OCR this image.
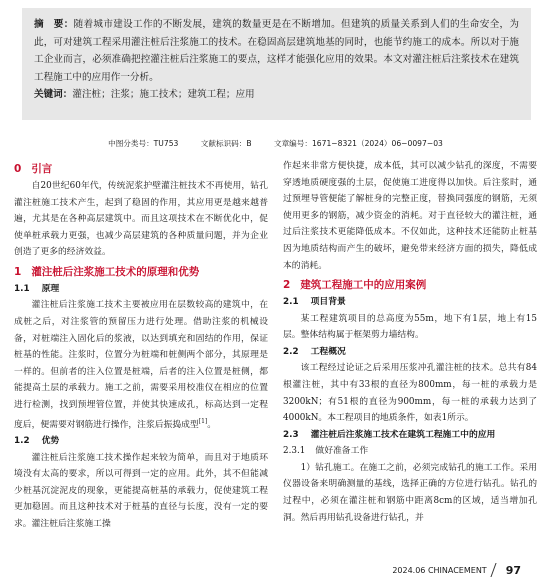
摘　要：随着城市建设工作的不断发展，建筑的数量更是在不断增加。但建筑的质量关系到人们的生命安全，为此，可对建筑工程采用灌注桩后注浆施工的技术。在稳固高层建筑地基的同时，也能节约施工的成本。所以对于施工企业而言，必须准确把控灌注桩后注浆施工的要点，这样才能强化应用的效果。本文对灌注桩后注浆技术在建筑工程施工中的应用作一分析。

关键词：灌注桩；注浆；施工技术；建筑工程；应用

中图分类号：TU753	文献标识码：B	文章编号：1671−8321（2024）06−0097−03
0 引言

自20世纪60年代，传统泥浆护壁灌注桩技术不再使用，钻孔灌注桩施工技术产生，起到了稳固的作用，其应用更是越来越普遍，尤其是在各种高层建筑中。而且这项技术在不断优化中，促使单桩承载力更强，也减少高层建筑的各种质量问题，并为企业创造了更多的经济效益。

1 灌注桩后注浆施工技术的原理和优势
1.1 原理

灌注桩后注浆施工技术主要被应用在层数较高的建筑中，在成桩之后，对注浆管的预留压力进行处理。借助注浆的机械设备，对桩端注入固化后的浆液，以达到填充和固结的作用，保证桩基的性能。注浆时，位置分为桩端和桩侧两个部分，其原理是一样的。但前者的注入位置是桩端，后者的注入位置是桩侧，都能提高土层的承载力。施工之前，需要采用校准仪在相应的位置进行检测，找到预埋管位置，并使其快速成孔，标高达到一定程度后，便需要对钢筋进行操作，注浆后振捣成型[1]。

1.2 优势

灌注桩后注浆施工技术操作起来较为简单，而且对于地质环境没有太高的要求，所以可得到一定的应用。此外，其不但能减少桩基沉淀泥皮的现象，更能提高桩基的承载力，促使建筑工程更加稳固。而且这种技术对于桩基的直径与长度，没有一定的要求。灌注桩后注浆施工操

作起来非常方便快捷，成本低，其可以减少钻孔的深度，不需要穿透地质硬度强的土层，促使施工进度得以加快。后注浆时，通过预埋导管便能了解桩身的完整正度，替换同强度的钢筋，无须使用更多的钢筋，减少资金的消耗。对于直径较大的灌注桩，通过后注浆技术更能降低成本。不仅如此，这种技术还能防止桩基因为地质结构而产生的破坏，避免带来经济方面的损失，降低成本的消耗。

2 建筑工程施工中的应用案例
2.1 项目背景

某工程建筑项目的总高度为55m，地下有1层，地上有15层。整体结构属于框架剪力墙结构。

2.2 工程概况

该工程经过论证之后采用压浆冲孔灌注桩的技术。总共有84根灌注桩，其中有33根的直径为800mm，每一桩的承载力是3200kN；有51根的直径为900mm，每一桩的承载力达到了4000kN。本工程项目的地质条件，如表1所示。

2.3 灌注桩后注浆施工技术在建筑工程施工中的应用
2.3.1 做好准备工作

1）钻孔施工。在施工之前，必须完成钻孔的施工工作。采用仪器设备来明确测量的基线，选择正确的方位进行钻孔。钻孔的过程中，必须在灌注桩和钢筋中距离8cm的区域，适当增加孔洞。然后再用钻孔设备进行钻孔，并

2024.06 CHINACEMENT 97
